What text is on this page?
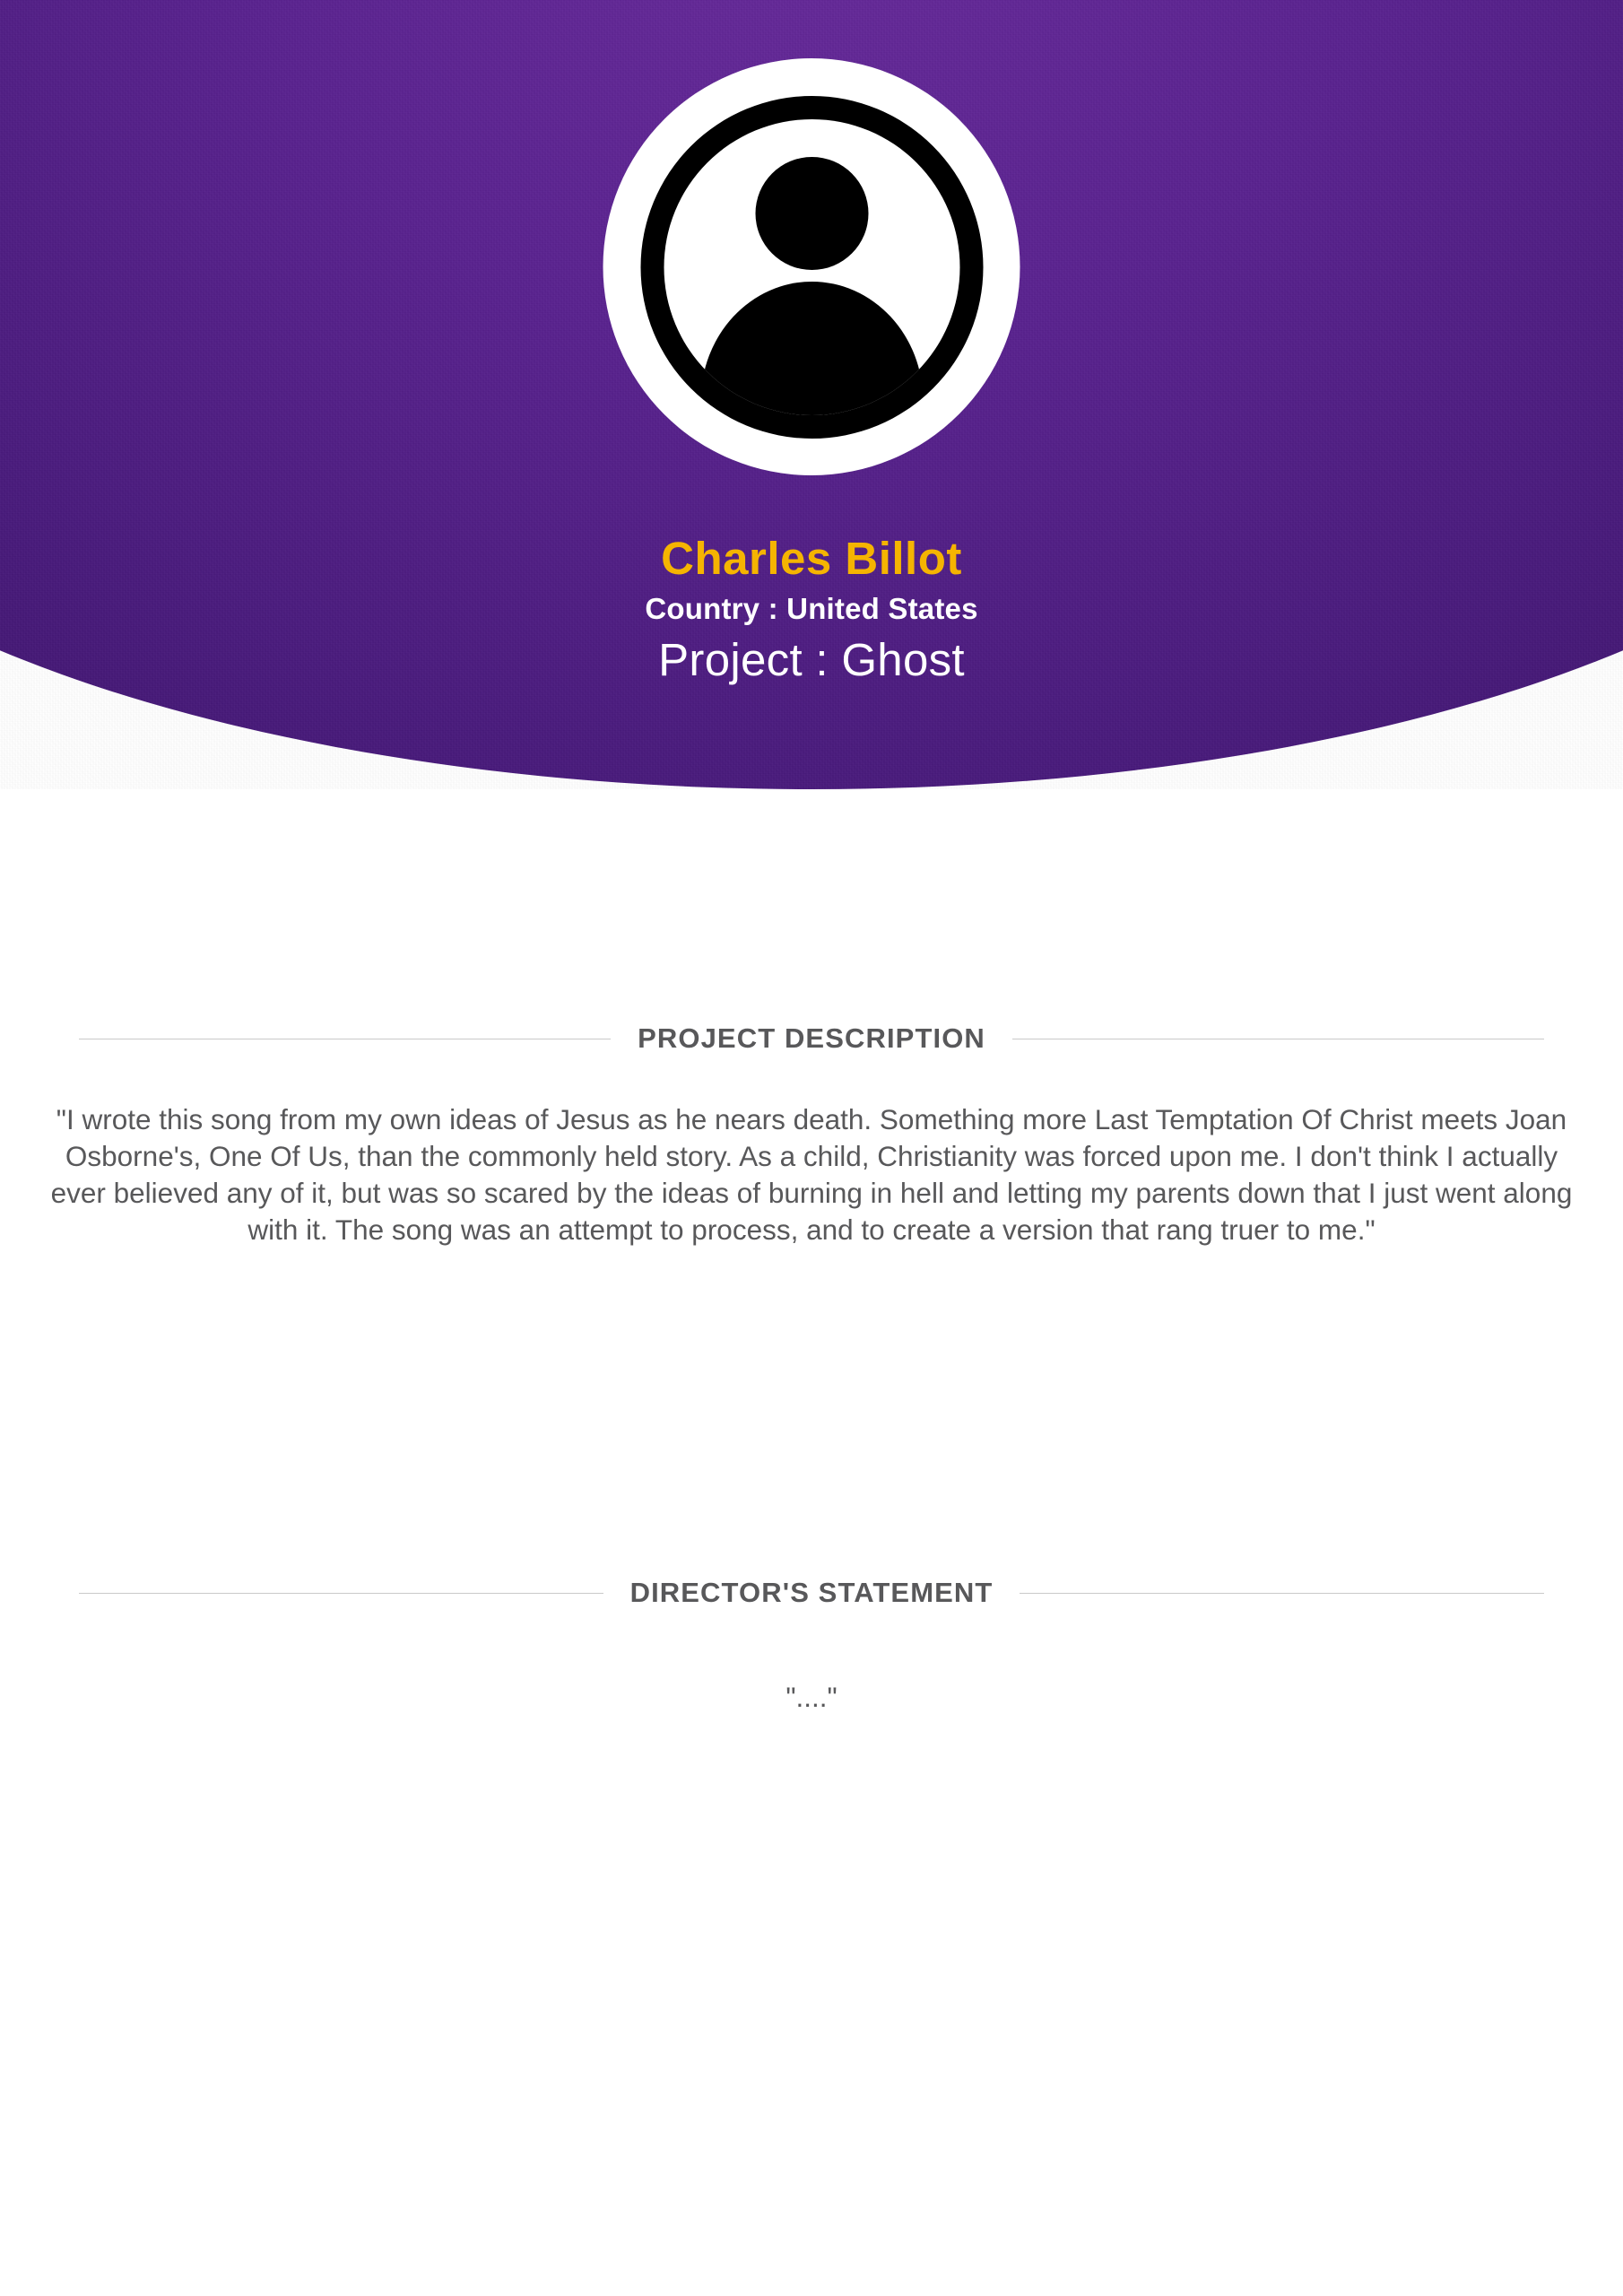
Charles Billot
Country : United States
Project : Ghost
PROJECT DESCRIPTION
"I wrote this song from my own ideas of Jesus as he nears death. Something more Last Temptation Of Christ meets Joan Osborne's, One Of Us, than the commonly held story. As a child, Christianity was forced upon me. I don't think I actually ever believed any of it, but was so scared by the ideas of burning in hell and letting my parents down that I just went along with it. The song was an attempt to process, and to create a version that rang truer to me."
DIRECTOR'S STATEMENT
"...."
